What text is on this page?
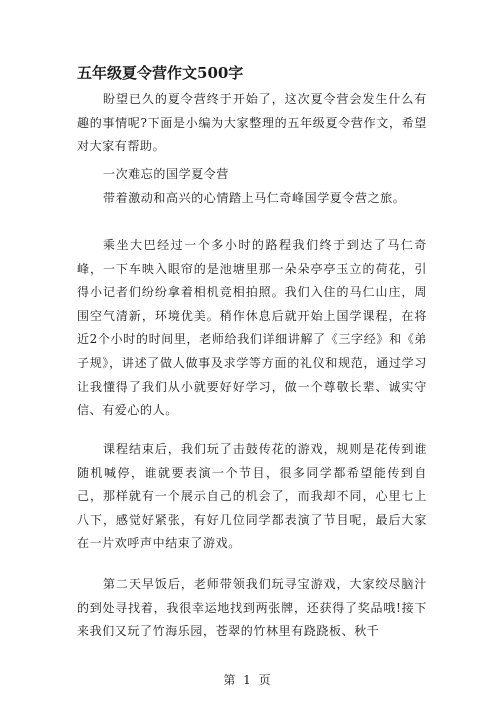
五年级夏令营作文500字

盼望已久的夏令营终于开始了，这次夏令营会发生什么有趣的事情呢?下面是小编为大家整理的五年级夏令营作文，希望对大家有帮助。

一次难忘的国学夏令营

带着激动和高兴的心情踏上马仁奇峰国学夏令营之旅。

乘坐大巴经过一个多小时的路程我们终于到达了马仁奇峰，一下车映入眼帘的是池塘里那一朵朵亭亭玉立的荷花，引得小记者们纷纷拿着相机竞相拍照。我们入住的马仁山庄，周围空气清新，环境优美。稍作休息后就开始上国学课程，在将近2个小时的时间里，老师给我们详细讲解了《三字经》和《弟子规》，讲述了做人做事及求学等方面的礼仪和规范，通过学习让我懂得了我们从小就要好好学习，做一个尊敬长辈、诚实守信、有爱心的人。

课程结束后，我们玩了击鼓传花的游戏，规则是花传到谁随机喊停，谁就要表演一个节目，很多同学都希望能传到自己，那样就有一个展示自己的机会了，而我却不同，心里七上八下，感觉好紧张，有好几位同学都表演了节目呢，最后大家在一片欢呼声中结束了游戏。

第二天早饭后，老师带领我们玩寻宝游戏，大家绞尽脑汁的到处寻找着，我很幸运地找到两张牌，还获得了奖品哦!接下来我们又玩了竹海乐园，苍翠的竹林里有跷跷板、秋千

第 1 页
